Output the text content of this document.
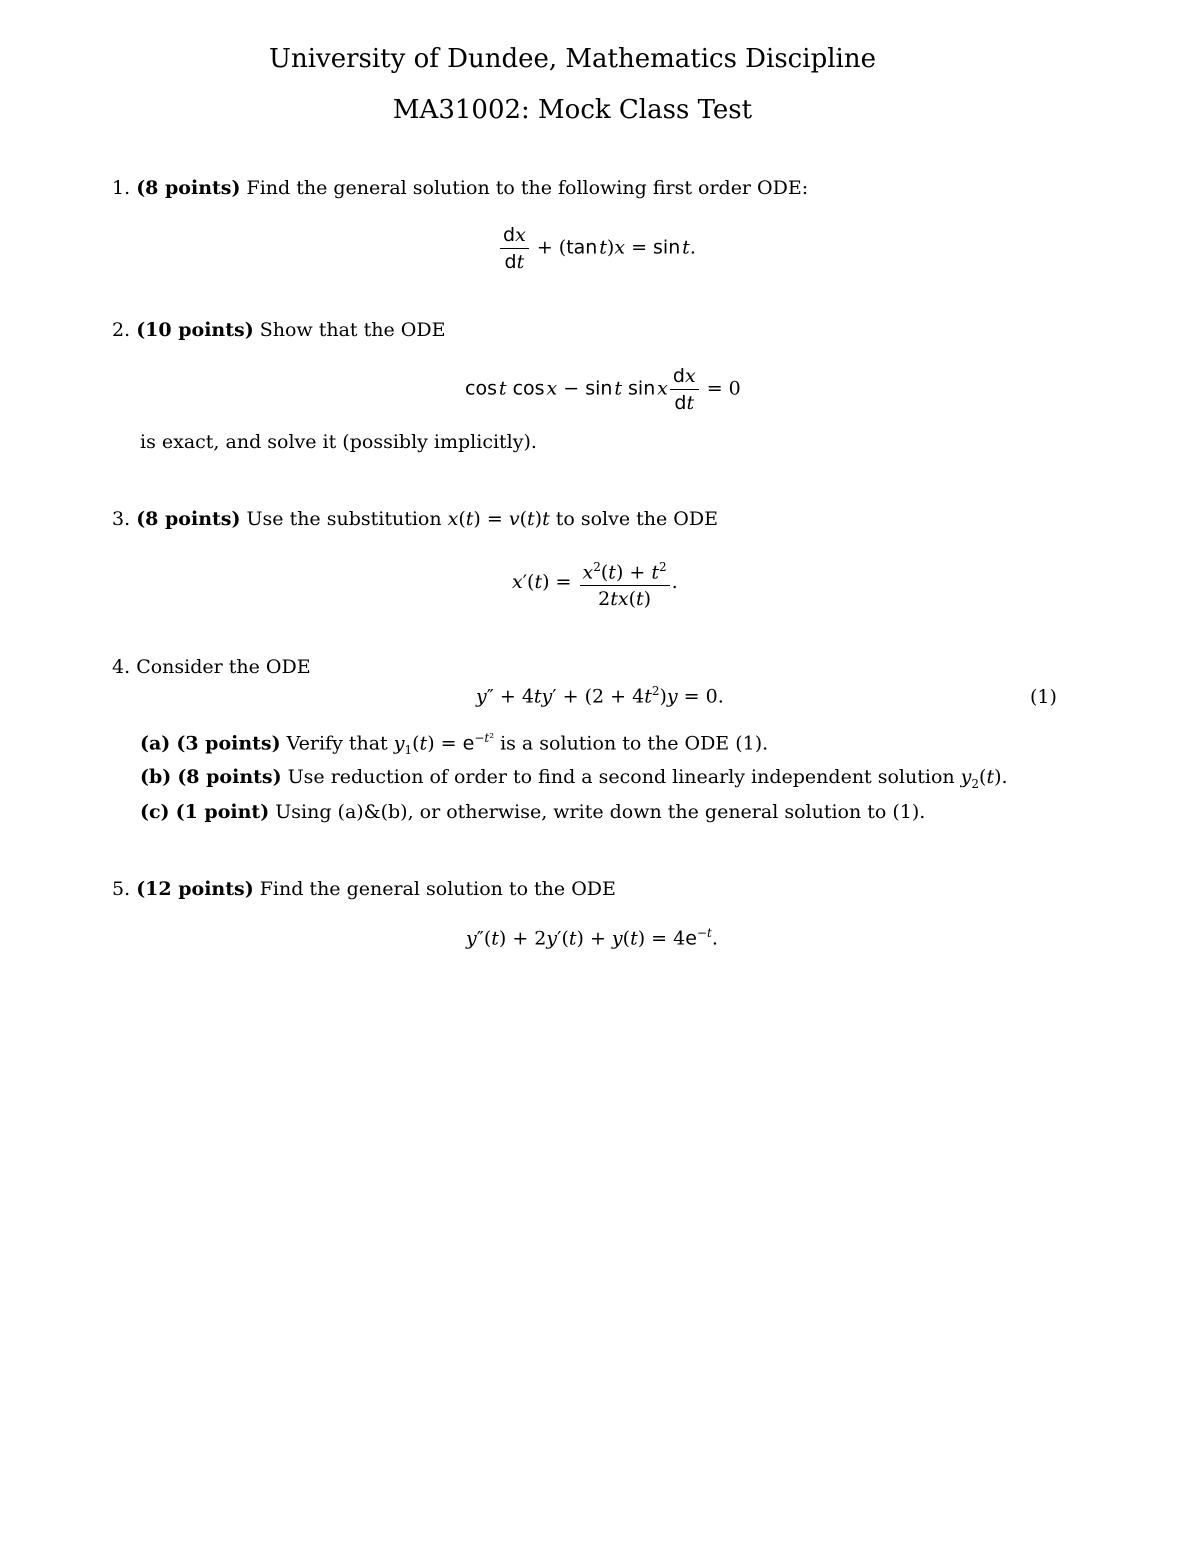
University of Dundee, Mathematics Discipline
MA31002: Mock Class Test
1. (8 points) Find the general solution to the following first order ODE:
$\frac{dx}{dt} + (\tan$  t)x = sin  t.
2. (10 points) Show that the ODE
cos  t cos  x − sin  t sin  x $\frac{dx}{dt} = 0$
is exact, and solve it (possibly implicitly).
3. (8 points) Use the substitution x(t) = v(t)t to solve the ODE
$x'(t) = \frac{x^2(t) + t^2}{2tx(t)}$ .
4. Consider the ODE
$y'' + 4ty' + (2 + 4t^2)y = 0$.	(1)
(a) (3 points) Verify that $y_1(t) = e^{-t^2}$ is a solution to the ODE (1).
(b) (8 points) Use reduction of order to find a second linearly independent solution $y_2(t)$.
(c) (1 point) Using (a)&(b), or otherwise, write down the general solution to (1).
5. (12 points) Find the general solution to the ODE
$y''(t) + 2y'(t) + y(t) = 4e^{-t}$.
